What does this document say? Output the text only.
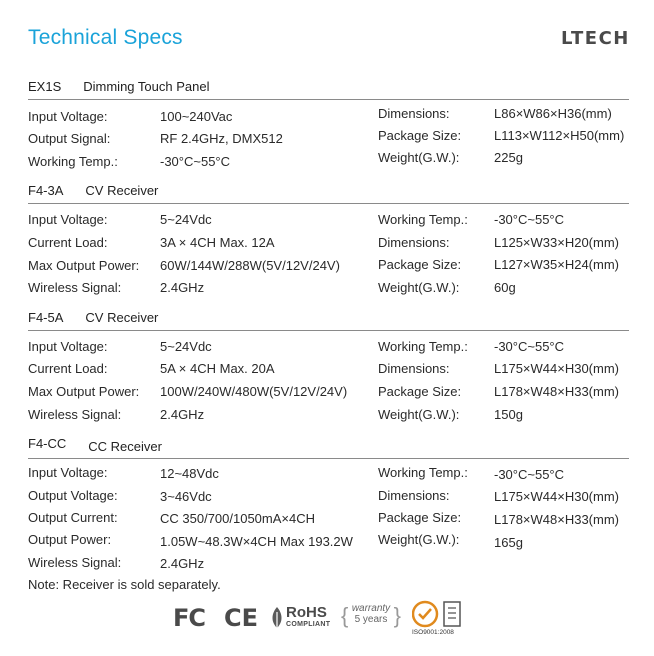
Technical Specs	LTECH
EX1S Dimming Touch Panel
Input Voltage:	100~240Vac
Output Signal:	RF 2.4GHz, DMX512
Working Temp.:	-30°C~55°C
Dimensions:	L86×W86×H36(mm)
Package Size:	L113×W112×H50(mm)
Weight(G.W.):	225g
F4-3A CV Receiver
Input Voltage:	5~24Vdc
Current Load:	3A × 4CH Max. 12A
Max Output Power: 60W/144W/288W(5V/12V/24V)
Wireless Signal:	2.4GHz
Working Temp.: -30°C~55°C
Dimensions:	L125×W33×H20(mm)
Package Size:	L127×W35×H24(mm)
Weight(G.W.):	60g
F4-5A CV Receiver
Input Voltage:	5~24Vdc
Current Load:	5A × 4CH Max. 20A
Max Output Power: 100W/240W/480W(5V/12V/24V)
Wireless Signal:	2.4GHz
Working Temp.: -30°C~55°C
Dimensions:	L175×W44×H30(mm)
Package Size:	L178×W48×H33(mm)
Weight(G.W.):	150g
F4-CC CC Receiver
Input Voltage:	12~48Vdc
Output Voltage:	3~46Vdc
Output Current:	CC 350/700/1050mA×4CH
Output Power:	1.05W~48.3W×4CH Max 193.2W
Wireless Signal:	2.4GHz
Working Temp.: -30°C~55°C
Dimensions:	L175×W44×H30(mm)
Package Size:	L178×W48×H33(mm)
Weight(G.W.):	165g
Note: Receiver is sold separately.
FC CE RoHS
COMPLIANT { warranty
5 years }
ISO9001:2008
